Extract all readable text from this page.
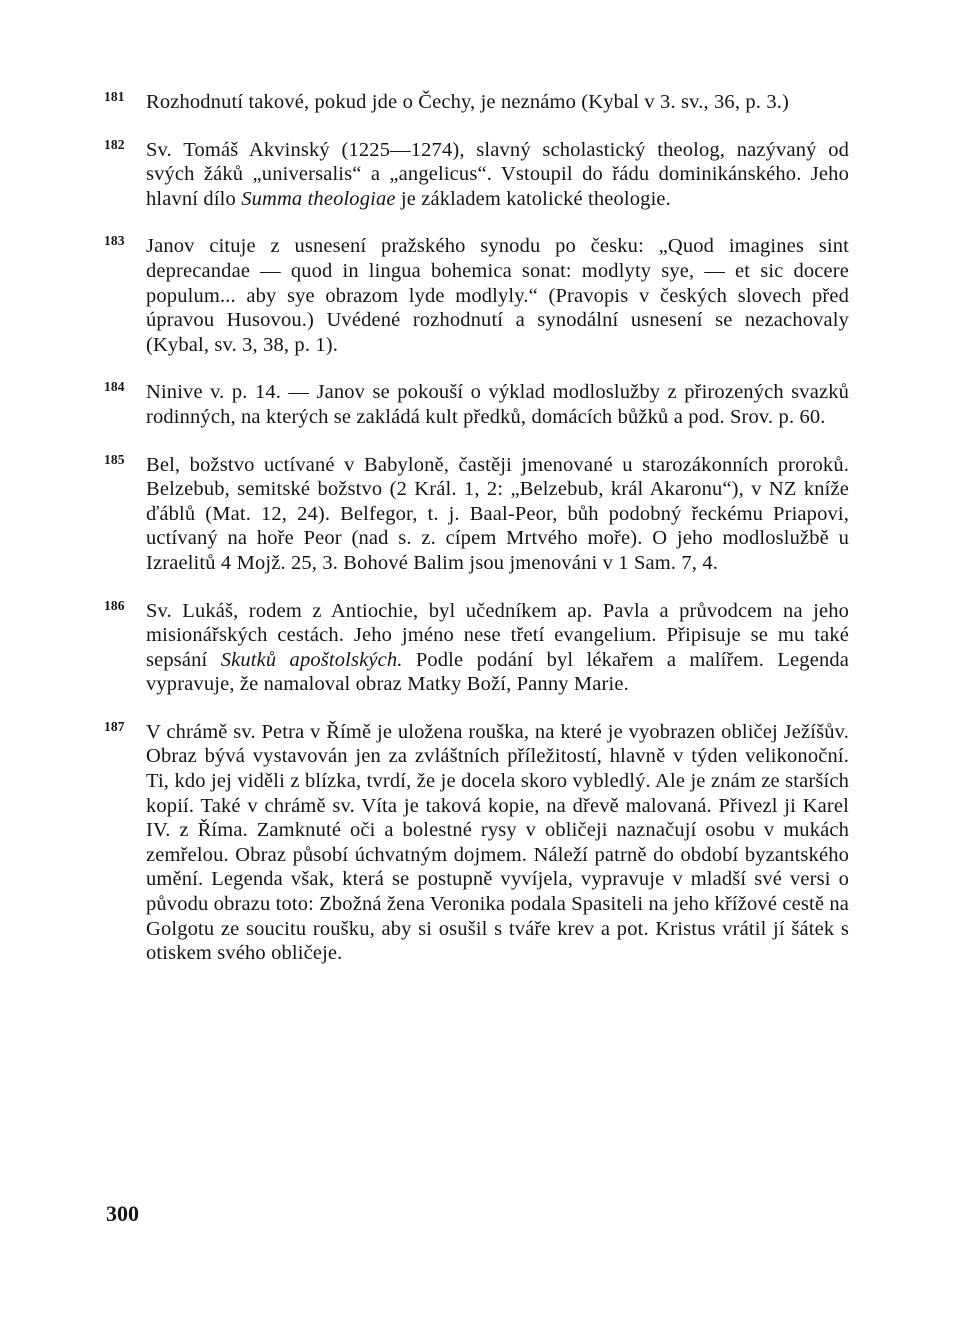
181 Rozhodnutí takové, pokud jde o Čechy, je neznámo (Kybal v 3. sv., 36, p. 3.)
182 Sv. Tomáš Akvinský (1225—1274), slavný scholastický theolog, nazývaný od svých žáků „universalis“ a „angelicus“. Vstoupil do řádu dominikánského. Jeho hlavní dílo Summa theologiae je základem katolické theologie.
183 Janov cituje z usnesení pražského synodu po česku: „Quod imagines sint deprecandae — quod in lingua bohemica sonat: modlyty sye, — et sic docere populum... aby sye obrazom lyde modlyly.“ (Pravopis v českých slovech před úpravou Husovou.) Uvédené rozhodnutí a synodální usnesení se nezachovaly (Kybal, sv. 3, 38, p. 1).
184 Ninive v. p. 14. — Janov se pokouší o výklad modloslužby z přirozených svazků rodinných, na kterých se zakládá kult předků, domácích bůžků a pod. Srov. p. 60.
185 Bel, božstvo uctívané v Babyloně, častěji jmenované u starozákonních proroků. Belzebub, semitské božstvo (2 Král. 1, 2: „Belzebub, král Akaronu“), v NZ kníže ďáblů (Mat. 12, 24). Belfegor, t. j. Baal-Peor, bůh podobný řeckému Priapovi, uctívaný na hoře Peor (nad s. z. cípem Mrtvého moře). O jeho modloslužbě u Izraelitů 4 Mojž. 25, 3. Bohové Balim jsou jmenováni v 1 Sam. 7, 4.
186 Sv. Lukáš, rodem z Antiochie, byl učedníkem ap. Pavla a průvodcem na jeho misionářských cestách. Jeho jméno nese třetí evangelium. Připisuje se mu také sepsání Skutků apoštolských. Podle podání byl lékařem a malířem. Legenda vypravuje, že namaloval obraz Matky Boží, Panny Marie.
187 V chrámě sv. Petra v Římě je uložena rouška, na které je vyobrazen obličej Ježíšův. Obraz bývá vystavován jen za zvláštních příležitostí, hlavně v týden velikonoční. Ti, kdo jej viděli z blízka, tvrdí, že je docela skoro vybledlý. Ale je znám ze starších kopií. Také v chrámě sv. Víta je taková kopie, na dřevě malovaná. Přivezl ji Karel IV. z Říma. Zamknuté oči a bolestné rysy v obličeji naznačují osobu v mukách zemřelou. Obraz působí úchvatným dojmem. Náleží patrně do období byzantského umění. Legenda však, která se postupně vyvíjela, vypravuje v mladší své versi o původu obrazu toto: Zbožná žena Veronika podala Spasiteli na jeho křížové cestě na Golgotu ze soucitu roušku, aby si osušil s tváře krev a pot. Kristus vrátil jí šátek s otiskem svého obličeje.
300
